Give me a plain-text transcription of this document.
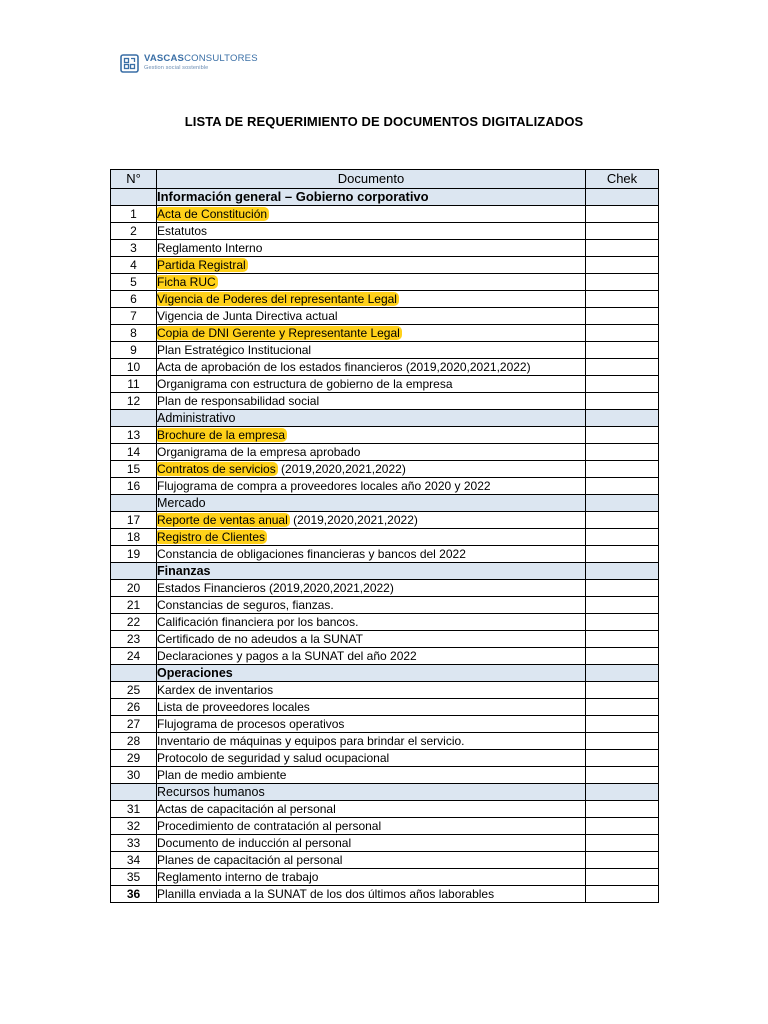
VASCASCONSULTORES
Gestion social sostenible
LISTA DE REQUERIMIENTO DE DOCUMENTOS DIGITALIZADOS
N°	Documento	Chek
	Información general – Gobierno corporativo	
1	Acta de Constitución	
2	Estatutos	
3	Reglamento Interno	
4	Partida Registral	
5	Ficha RUC	
6	Vigencia de Poderes del representante Legal	
7	Vigencia de Junta Directiva actual	
8	Copia de DNI Gerente y Representante Legal	
9	Plan Estratégico Institucional	
10	Acta de aprobación de los estados financieros (2019,2020,2021,2022)	
11	Organigrama con estructura de gobierno de la empresa	
12	Plan de responsabilidad social	
	Administrativo	
13	Brochure de la empresa	
14	Organigrama de la empresa aprobado	
15	Contratos de servicios (2019,2020,2021,2022)	
16	Flujograma de compra a proveedores locales año 2020 y 2022	
	Mercado	
17	Reporte de ventas anual (2019,2020,2021,2022)	
18	Registro de Clientes	
19	Constancia de obligaciones financieras y bancos del 2022	
	Finanzas	
20	Estados Financieros (2019,2020,2021,2022)	
21	Constancias de seguros, fianzas.	
22	Calificación financiera por los bancos.	
23	Certificado de no adeudos a la SUNAT	
24	Declaraciones y pagos a la SUNAT del año 2022	
	Operaciones	
25	Kardex de inventarios	
26	Lista de proveedores locales	
27	Flujograma de procesos operativos	
28	Inventario de máquinas y equipos para brindar el servicio.	
29	Protocolo de seguridad y salud ocupacional	
30	Plan de medio ambiente	
	Recursos humanos	
31	Actas de capacitación al personal	
32	Procedimiento de contratación al personal	
33	Documento de inducción al personal	
34	Planes de capacitación al personal	
35	Reglamento interno de trabajo	
36	Planilla enviada a la SUNAT de los dos últimos años laborables	
